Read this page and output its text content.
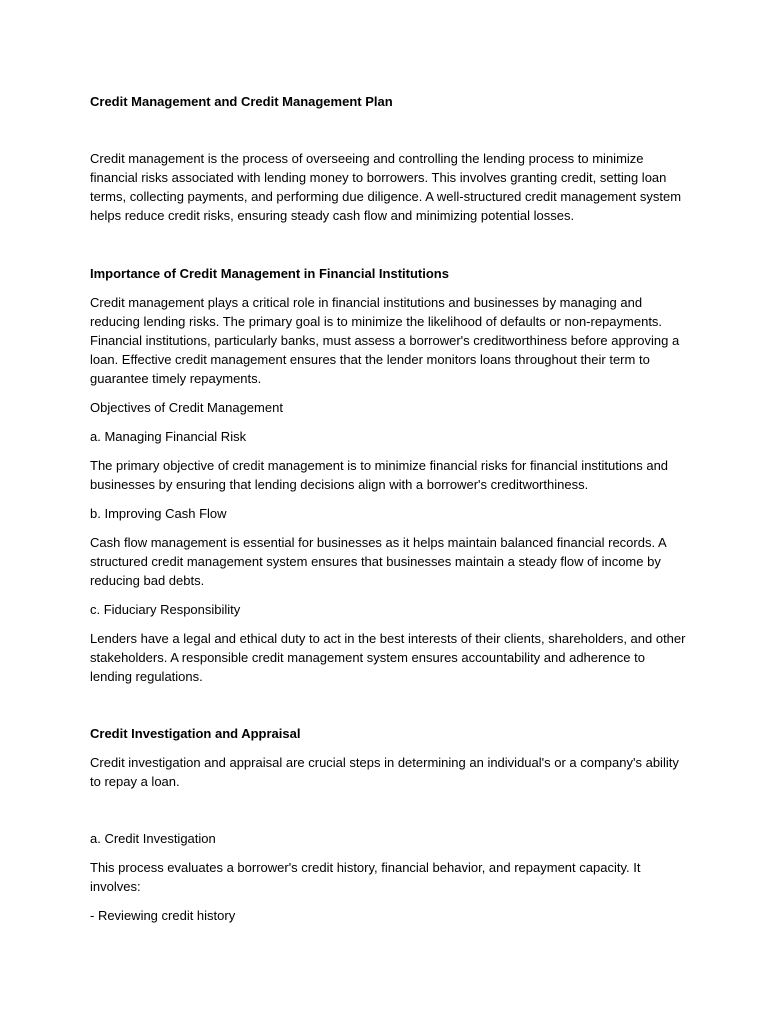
Credit Management and Credit Management Plan

Credit management is the process of overseeing and controlling the lending process to minimize financial risks associated with lending money to borrowers. This involves granting credit, setting loan terms, collecting payments, and performing due diligence. A well-structured credit management system helps reduce credit risks, ensuring steady cash flow and minimizing potential losses.

Importance of Credit Management in Financial Institutions

Credit management plays a critical role in financial institutions and businesses by managing and reducing lending risks. The primary goal is to minimize the likelihood of defaults or non-repayments. Financial institutions, particularly banks, must assess a borrower's creditworthiness before approving a loan. Effective credit management ensures that the lender monitors loans throughout their term to guarantee timely repayments.

Objectives of Credit Management

a. Managing Financial Risk

The primary objective of credit management is to minimize financial risks for financial institutions and businesses by ensuring that lending decisions align with a borrower's creditworthiness.

b. Improving Cash Flow

Cash flow management is essential for businesses as it helps maintain balanced financial records. A structured credit management system ensures that businesses maintain a steady flow of income by reducing bad debts.

c. Fiduciary Responsibility

Lenders have a legal and ethical duty to act in the best interests of their clients, shareholders, and other stakeholders. A responsible credit management system ensures accountability and adherence to lending regulations.

Credit Investigation and Appraisal

Credit investigation and appraisal are crucial steps in determining an individual's or a company's ability to repay a loan.

a. Credit Investigation

This process evaluates a borrower's credit history, financial behavior, and repayment capacity. It involves:

- Reviewing credit history
